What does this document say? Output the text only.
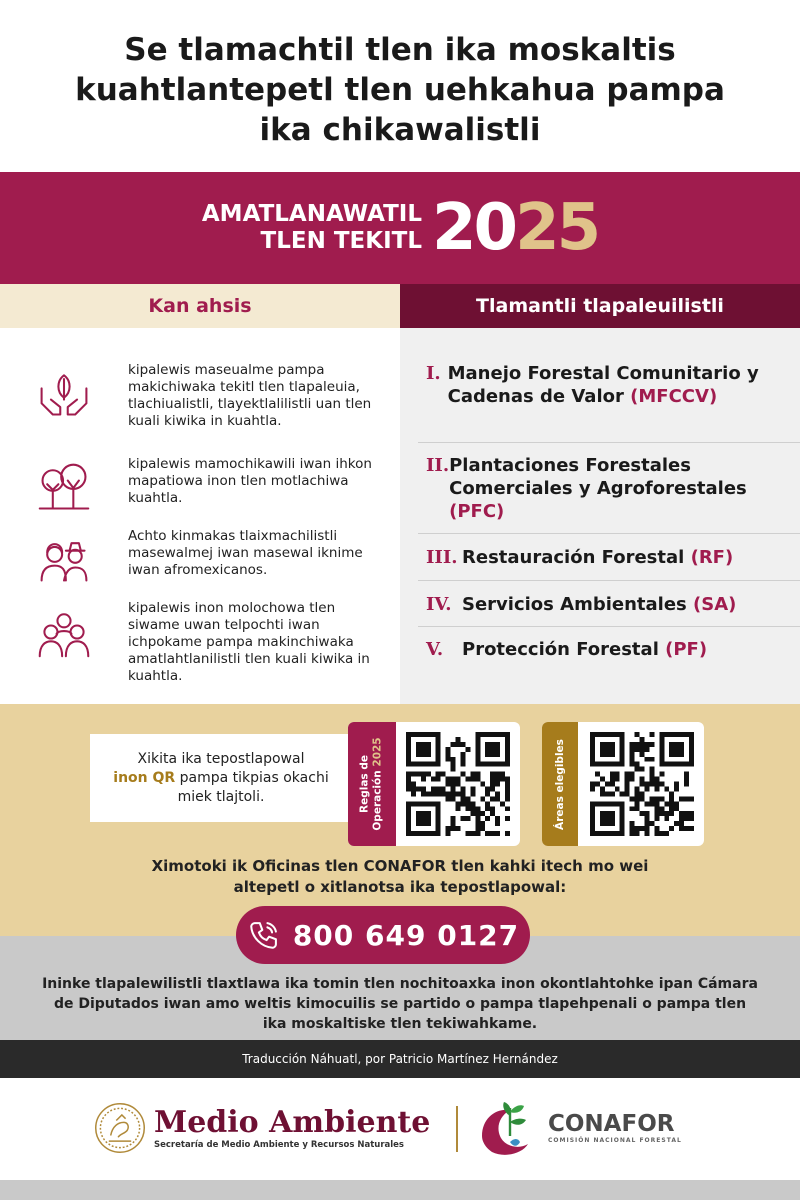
Se tlamachtil tlen ika moskaltis kuahtlantepetl tlen uehkahua pampa ika chikawalistli
AMATLANAWATIL
TLEN TEKITL 2025
Kan ahsis	Tlamantli tlapaleuilistli
kipalewis maseualme pampa makichiwaka tekitl tlen tlapaleuia, tlachiualistli, tlayektlalilistli uan tlen kuali kiwika in kuahtla.
kipalewis mamochikawili iwan ihkon mapatiowa inon tlen motlachiwa kuahtla.
Achto kinmakas tlaixmachilistli masewalmej iwan masewal iknime iwan afromexicanos.
kipalewis inon molochowa tlen siwame uwan telpochti iwan ichpokame pampa makinchiwaka amatlahtlanilistli tlen kuali kiwika in kuahtla.
I. Manejo Forestal Comunitario y Cadenas de Valor (MFCCV)
II. Plantaciones Forestales Comerciales y Agroforestales (PFC)
III. Restauración Forestal (RF)
IV. Servicios Ambientales (SA)
V.	Protección Forestal (PF)
Xikita ika tepostlapowal
inon QR pampa tikpias okachi miek tlajtoli.	Reglas de
Operación 2025	Áreas elegibles
Ximotoki ik Oficinas tlen CONAFOR tlen kahki itech mo wei altepetl o xitlanotsa ika tepostlapowal:
800 649 0127
Ininke tlapalewilistli tlaxtlawa ika tomin tlen nochitoaxka inon okontlahtohke ipan Cámara de Diputados iwan amo weltis kimocuilis se partido o pampa tlapehpenali o pampa tlen ika moskaltiske tlen tekiwahkame.
Traducción Náhuatl, por Patricio Martínez Hernández
Medio Ambiente
Secretaría de Medio Ambiente y Recursos Naturales
CONAFOR
COMISIÓN NACIONAL FORESTAL
